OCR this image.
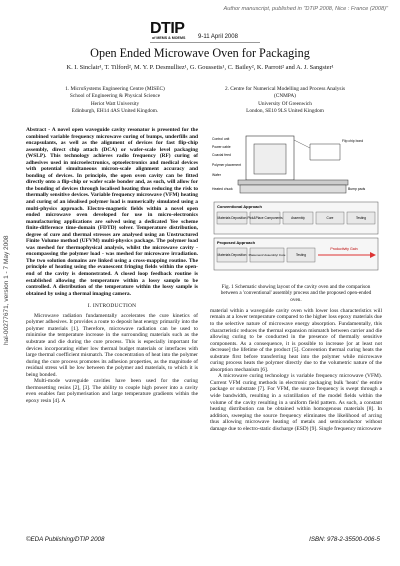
hal-00277671, version 1 - 7 May 2008
Author manuscript, published in "DTIP 2008, Nice : France (2008)"
DTIP
of MEMS & MOEMS 9-11 April 2008
Open Ended Microwave Oven for Packaging
K. I. Sinclair¹, T. Tilford², M. Y. P. Desmulliez¹, G. Goussetis¹, C. Bailey², K. Parrott² and A. J. Sangster¹
1. MicroSystems Engineering Centre (MISEC)
School of Engineering & Physical Science
Heriot Watt University
Edinburgh, EH14 4AS United Kingdom.
2. Centre for Numerical Modelling and Process Analysis
(CNMPA)
University Of Greenwich
London, SE10 9LS United Kingdom

Abstract - A novel open waveguide cavity resonator is presented for the combined variable frequency microwave curing of bumps, underfills and encapsulants, as well as the alignment of devices for fast flip-chip assembly, direct chip attach (DCA) or wafer-scale level packaging (WSLP). This technology achieves radio frequency (RF) curing of adhesives used in microelectronics, optoelectronics and medical devices with potential simultaneous micron-scale alignment accuracy and bonding of devices. In principle, the open oven cavity can be fitted directly onto a flip-chip or wafer scale bonder and, as such, will allow for the bonding of devices through localised heating thus reducing the risk to thermally sensitive devices. Variable frequency microwave (VFM) heating and curing of an idealised polymer load is numerically simulated using a multi-physics approach. Electro-magnetic fields within a novel open ended microwave oven developed for use in micro-electronics manufacturing applications are solved using a dedicated Yee scheme finite-difference time-domain (FDTD) solver. Temperature distribution, degree of cure and thermal stresses are analysed using an Unstructured Finite Volume method (UFVM) multi-physics package. The polymer load was meshed for thermophysical analysis, whilst the microwave cavity - encompassing the polymer load - was meshed for microwave irradiation. The two solution domains are linked using a cross-mapping routine. The principle of heating using the evanescent fringing fields within the open-end of the cavity is demonstrated. A closed loop feedback routine is established allowing the temperature within a lossy sample to be controlled. A distribution of the temperature within the lossy sample is obtained by using a thermal imaging camera.

I. INTRODUCTION

Microwave radiation fundamentally accelerates the cure kinetics of polymer adhesives. It provides a route to deposit heat energy primarily into the polymer materials [1]. Therefore, microwave radiation can be used to minimise the temperature increase in the surrounding materials such as the substrate and die during the cure process. This is especially important for devices incorporating either low thermal budget materials or interfaces with large thermal coefficient mismatch. The concentration of heat into the polymer during the cure process promotes its adhesion properties, as the magnitude of residual stress will be low between the polymer and materials, to which it is being bonded.

Multi-mode waveguide cavities have been used for the curing thermosetting resins [2], [3]. The ability to couple high power into a cavity even enables fast polymerisation and large temperature gradients within the epoxy resin [4]. A

Control unit
Power cable
Coaxial feed
Polymer placement
Wafer
Heated chuck
Flip chip bond
Bump pads
Conventional Approach
Materials Deposition Pick&Place Components	Assembly	Cure	Testing
Proposed Approach
Materials Deposition Placement/ Assembly/ Cure	Testing
Productivity Gain

Fig. 1 Schematic showing layout of the cavity oven and the comparison between a 'conventional' assembly process and the proposed open-ended oven.

material within a waveguide cavity oven with lower loss characteristics will remain at a lower temperature compared to the higher loss epoxy materials due to the selective nature of microwave energy absorption. Fundamentally, this characteristic reduces the thermal expansion mismatch between carrier and die allowing curing to be conducted in the presence of thermally sensitive components. As a consequence, it is possible to increase [or at least not decrease] the lifetime of the product [5]. Convention thermal curing heats the substrate first before transferring heat into the polymer while microwave curing process heats the polymer directly due to the volumetric nature of the absorption mechanism [6].

A microwave curing technology is variable frequency microwave (VFM). Current VFM curing methods in electronic packaging bulk 'heats' the entire package or substrate [7]. For VFM, the source frequency is swept through a wide bandwidth, resulting in a scintillation of the model fields within the volume of the cavity resulting in a uniform field pattern. As such, a constant heating distribution can be obtained within homogenous materials [8]. In addition, sweeping the source frequency eliminates the likelihood of arcing thus allowing microwave heating of metals and semiconductor without damage due to electro-static discharge (ESD) [9]. Single frequency microwave

©EDA Publishing/DTIP 2008	ISBN: 978-2-35500-006-5
